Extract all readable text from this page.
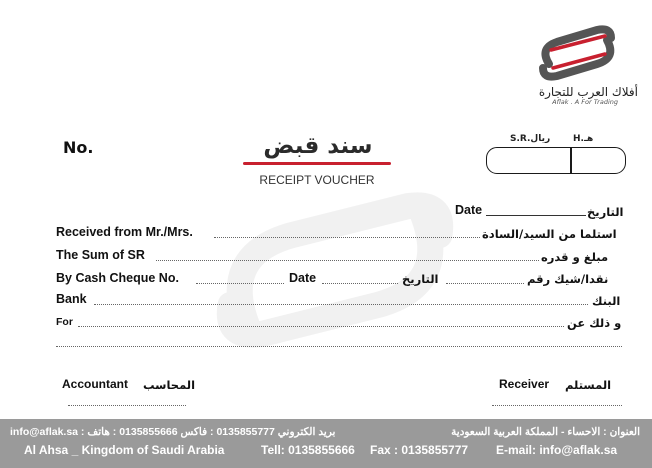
أفلاك العرب للتجارة
Aflak . A For Trading
No.	سند قبض
RECEIPT VOUCHER
S.R.ريال	H.هـ
Date	التاريخ
Received from Mr./Mrs.	استلما من السيد/السادة
The Sum of SR	مبلغ و قدره
By Cash Cheque No.	Date	التاريخ	نقدا/شيك رقم
Bank	البنك
For	و ذلك عن
Accountant المحاسب	Receiver المستلم
info@aflak.sa : بريد الكتروني 0135855777 : فاكس 0135855666 : هاتف	العنوان : الاحساء - المملكة العربية السعودية
Al Ahsa _ Kingdom of Saudi Arabia	Tell: 0135855666 Fax : 0135855777 E-mail: info@aflak.sa
